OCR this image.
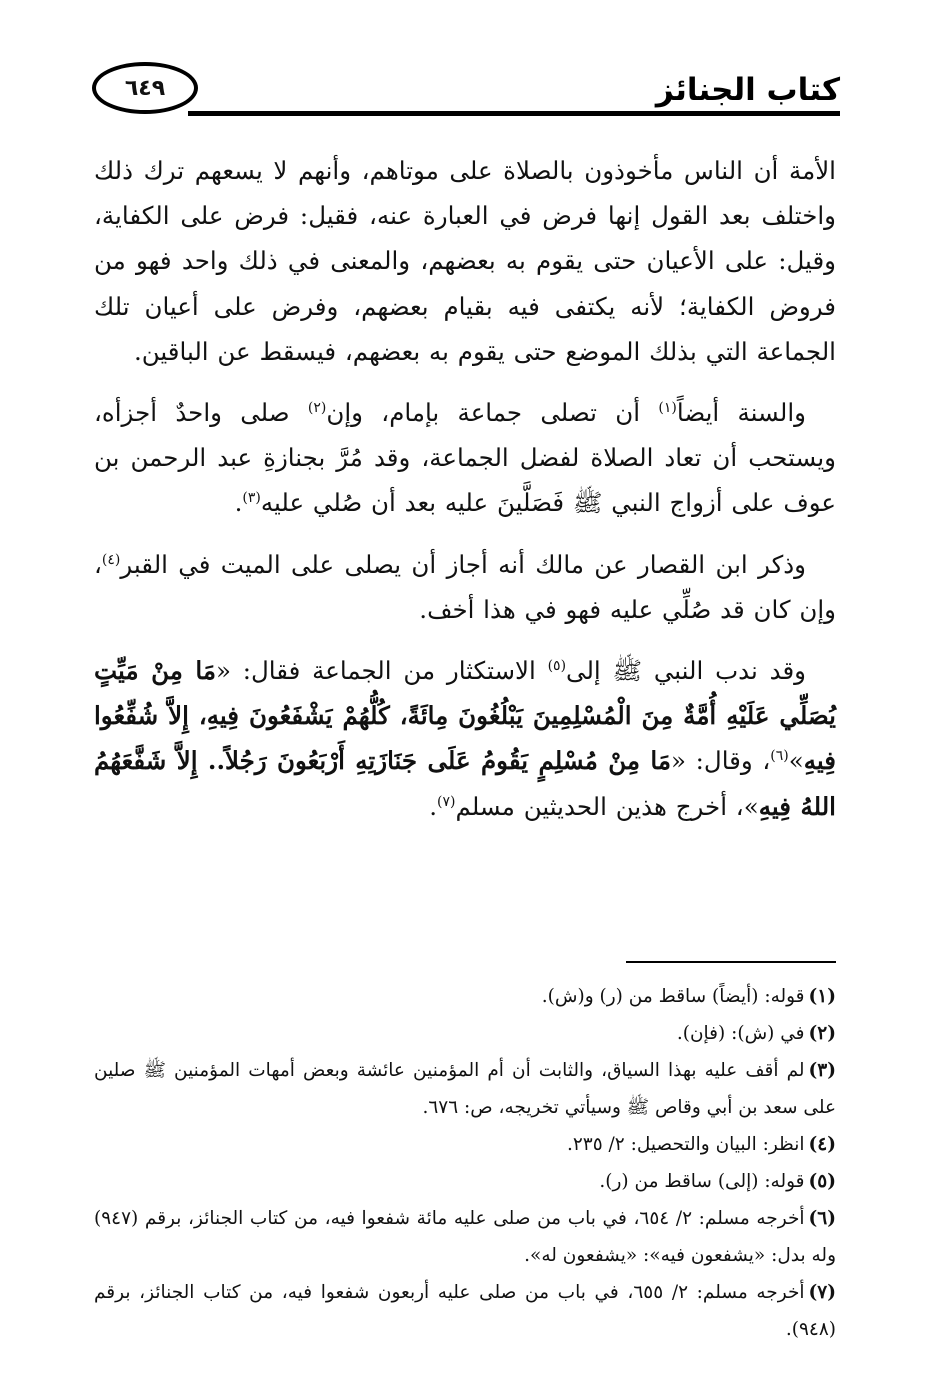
٦٤٩	كتاب الجنائز

الأمة أن الناس مأخوذون بالصلاة على موتاهم، وأنهم لا يسعهم ترك ذلك واختلف بعد القول إنها فرض في العبارة عنه، فقيل: فرض على الكفاية، وقيل: على الأعيان حتى يقوم به بعضهم، والمعنى في ذلك واحد فهو من فروض الكفاية؛ لأنه يكتفى فيه بقيام بعضهم، وفرض على أعيان تلك الجماعة التي بذلك الموضع حتى يقوم به بعضهم، فيسقط عن الباقين.

والسنة أيضاً$^{(١)}$ أن تصلى جماعة بإمام، وإن$^{(٢)}$ صلى واحدٌ أجزأه، ويستحب أن تعاد الصلاة لفضل الجماعة، وقد مُرَّ بجنازةِ عبد الرحمن بن عوف على أزواج النبي ﷺ فَصَلَّينَ عليه بعد أن صُلي عليه$^{(٣)}$.

وذكر ابن القصار عن مالك أنه أجاز أن يصلى على الميت في القبر$^{(٤)}$، وإن كان قد صُلِّي عليه فهو في هذا أخف.

وقد ندب النبي ﷺ إلى$^{(٥)}$ الاستكثار من الجماعة فقال: «مَا مِنْ مَيِّتٍ يُصَلِّي عَلَيْهِ أُمَّةٌ مِنَ الْمُسْلِمِينَ يَبْلُغُونَ مِائَةً، كُلُّهُمْ يَشْفَعُونَ فِيهِ، إِلاَّ شُفِّعُوا فِيهِ»$^{(٦)}$، وقال: «مَا مِنْ مُسْلِمٍ يَقُومُ عَلَى جَنَازَتِهِ أَرْبَعُونَ رَجُلاً.. إِلاَّ شَفَّعَهُمُ اللهُ فِيهِ»، أخرج هذين الحديثين مسلم$^{(٧)}$.

(١)قوله: (أيضاً) ساقط من (ر) و(ش).

(٢)في (ش): (فإن).

(٣)لم أقف عليه بهذا السياق، والثابت أن أم المؤمنين عائشة وبعض أمهات المؤمنين ﷺ صلين على سعد بن أبي وقاص ﷺ وسيأتي تخريجه، ص: ٦٧٦.

(٤)انظر: البيان والتحصيل: ٢/ ٢٣٥.

(٥)قوله: (إلى) ساقط من (ر).

(٦)أخرجه مسلم: ٢/ ٦٥٤، في باب من صلى عليه مائة شفعوا فيه، من كتاب الجنائز، برقم (٩٤٧) وله بدل: «يشفعون فيه»: «يشفعون له».

(٧)أخرجه مسلم: ٢/ ٦٥٥، في باب من صلى عليه أربعون شفعوا فيه، من كتاب الجنائز، برقم (٩٤٨).
